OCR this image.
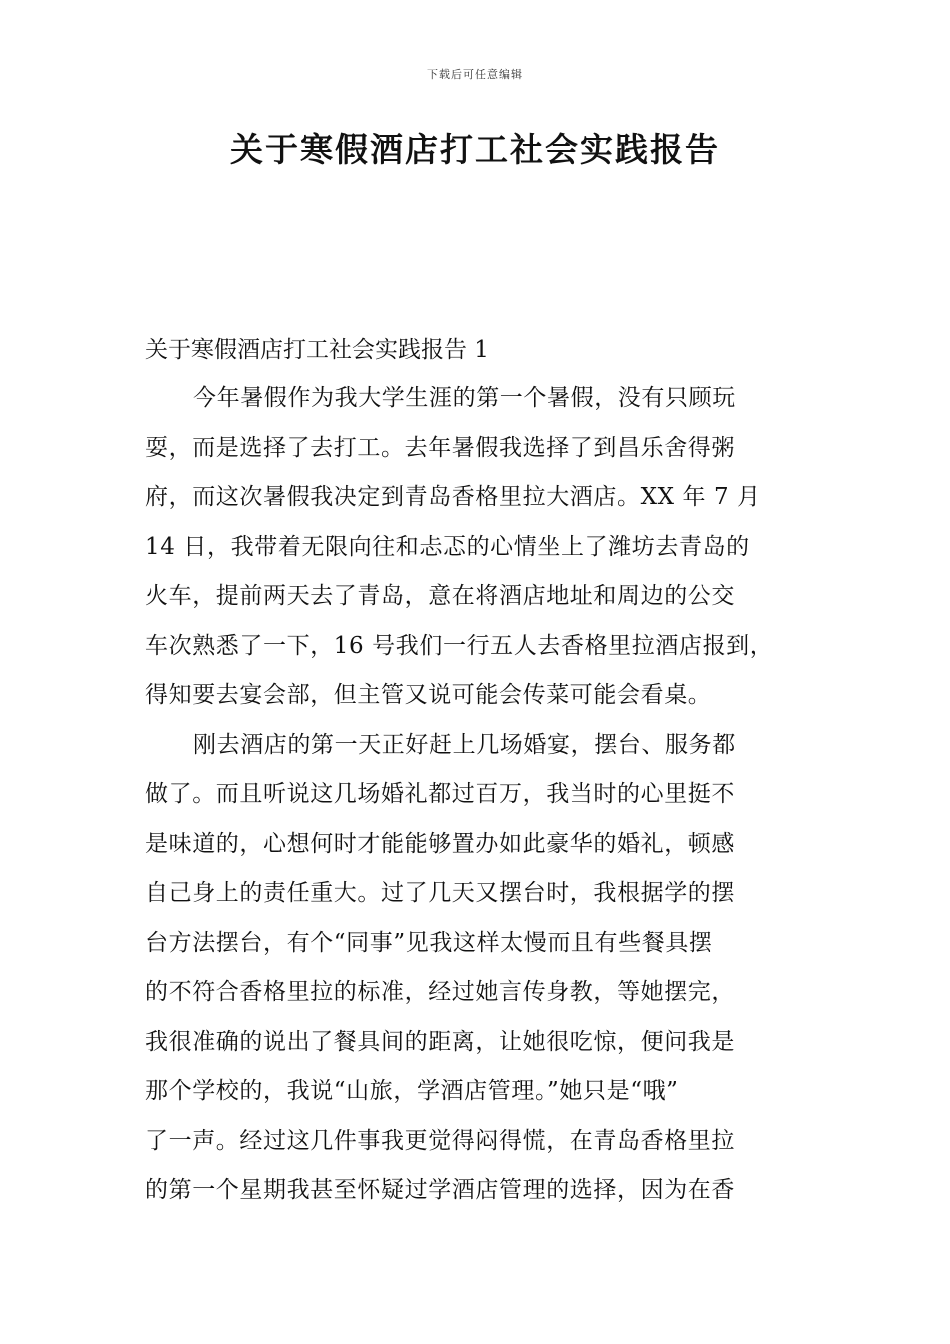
下载后可任意编辑
关于寒假酒店打工社会实践报告

关于寒假酒店打工社会实践报告 1

今年暑假作为我大学生涯的第一个暑假，没有只顾玩
耍，而是选择了去打工。去年暑假我选择了到昌乐舍得粥
府，而这次暑假我决定到青岛香格里拉大酒店。XX 年 7 月
14 日，我带着无限向往和忐忑的心情坐上了潍坊去青岛的
火车，提前两天去了青岛，意在将酒店地址和周边的公交
车次熟悉了一下，16 号我们一行五人去香格里拉酒店报到，
得知要去宴会部，但主管又说可能会传菜可能会看桌。

刚去酒店的第一天正好赶上几场婚宴，摆台、服务都
做了。而且听说这几场婚礼都过百万，我当时的心里挺不
是味道的，心想何时才能能够置办如此豪华的婚礼，顿感
自己身上的责任重大。过了几天又摆台时，我根据学的摆
台方法摆台，有个“同事”见我这样太慢而且有些餐具摆
的不符合香格里拉的标准，经过她言传身教，等她摆完，
我很准确的说出了餐具间的距离，让她很吃惊，便问我是
那个学校的，我说“山旅，学酒店管理。”她只是“哦”
了一声。经过这几件事我更觉得闷得慌，在青岛香格里拉
的第一个星期我甚至怀疑过学酒店管理的选择，因为在香
